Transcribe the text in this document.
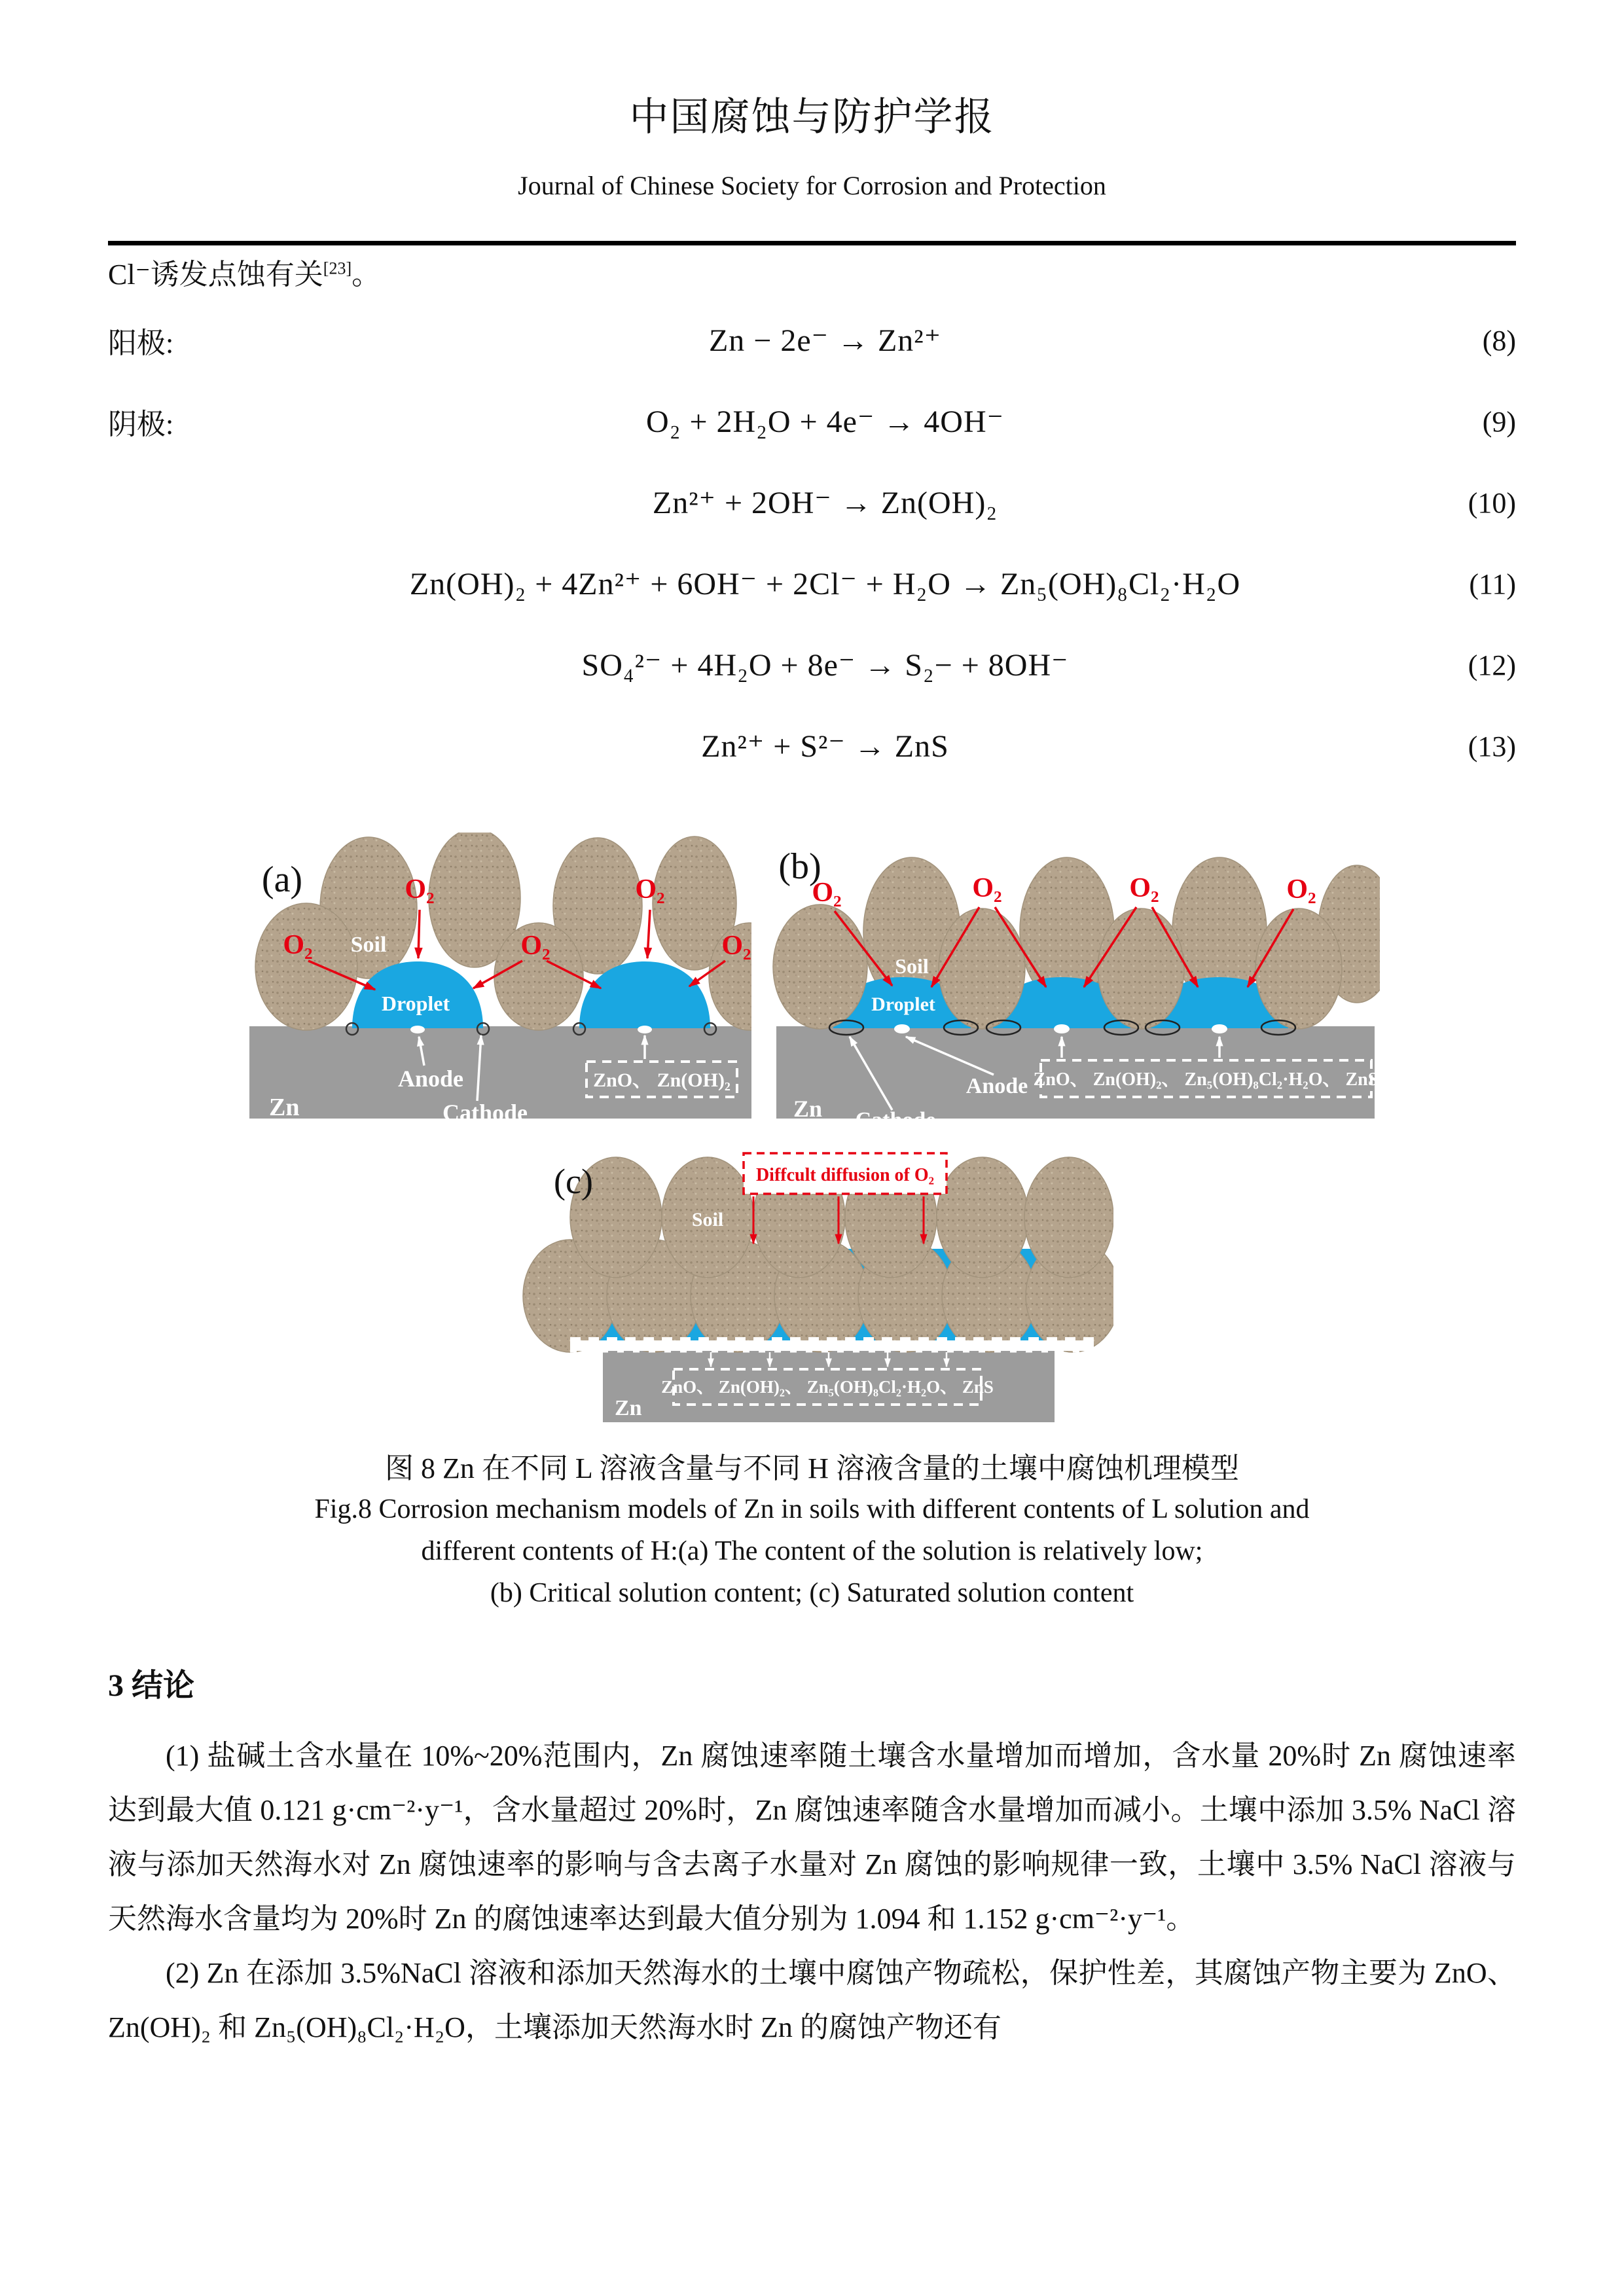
中国腐蚀与防护学报
Journal of Chinese Society for Corrosion and Protection

Cl⁻诱发点蚀有关[23]。

阳极:	Zn − 2e⁻ → Zn²⁺	(8)
阴极:	O₂ + 2H₂O + 4e⁻ → 4OH⁻	(9)
Zn²⁺ + 2OH⁻ → Zn(OH)₂	(10)
Zn(OH)₂ + 4Zn²⁺ + 6OH⁻ + 2Cl⁻ + H₂O → Zn₅(OH)₈Cl₂·H₂O	(11)
SO₄²⁻ + 4H₂O + 8e⁻ → S₂− + 8OH⁻	(12)
Zn²⁺ + S²⁻ → ZnS	(13)
O₂
O₂
O₂
O₂
O₂
(a)
Soil
Droplet
Anode
Cathode
ZnO、 Zn(OH)₂
Zn
O₂	O₂	O₂	O₂
(b)
Soil
Droplet
Anode
Cathode
ZnO、 Zn(OH)₂、 Zn₅(OH)₈Cl₂·H₂O、 ZnS
Zn
(c)
Soil
Diffcult diffusion of O₂
ZnO、 Zn(OH)₂、 Zn₅(OH)₈Cl₂·H₂O、 ZnS
Zn
图 8 Zn 在不同 L 溶液含量与不同 H 溶液含量的土壤中腐蚀机理模型
Fig.8 Corrosion mechanism models of Zn in soils with different contents of L solution and
different contents of H:(a) The content of the solution is relatively low;
(b) Critical solution content; (c) Saturated solution content
3 结论

(1) 盐碱土含水量在 10%~20%范围内，Zn 腐蚀速率随土壤含水量增加而增加，含水量 20%时 Zn 腐蚀速率达到最大值 0.121 g·cm⁻²·y⁻¹，含水量超过 20%时，Zn 腐蚀速率随含水量增加而减小。土壤中添加 3.5% NaCl 溶液与添加天然海水对 Zn 腐蚀速率的影响与含去离子水量对 Zn 腐蚀的影响规律一致，土壤中 3.5% NaCl 溶液与天然海水含量均为 20%时 Zn 的腐蚀速率达到最大值分别为 1.094 和 1.152 g·cm⁻²·y⁻¹。

(2) Zn 在添加 3.5%NaCl 溶液和添加天然海水的土壤中腐蚀产物疏松，保护性差，其腐蚀产物主要为 ZnO、Zn(OH)₂ 和 Zn₅(OH)₈Cl₂·H₂O，土壤添加天然海水时 Zn 的腐蚀产物还有
